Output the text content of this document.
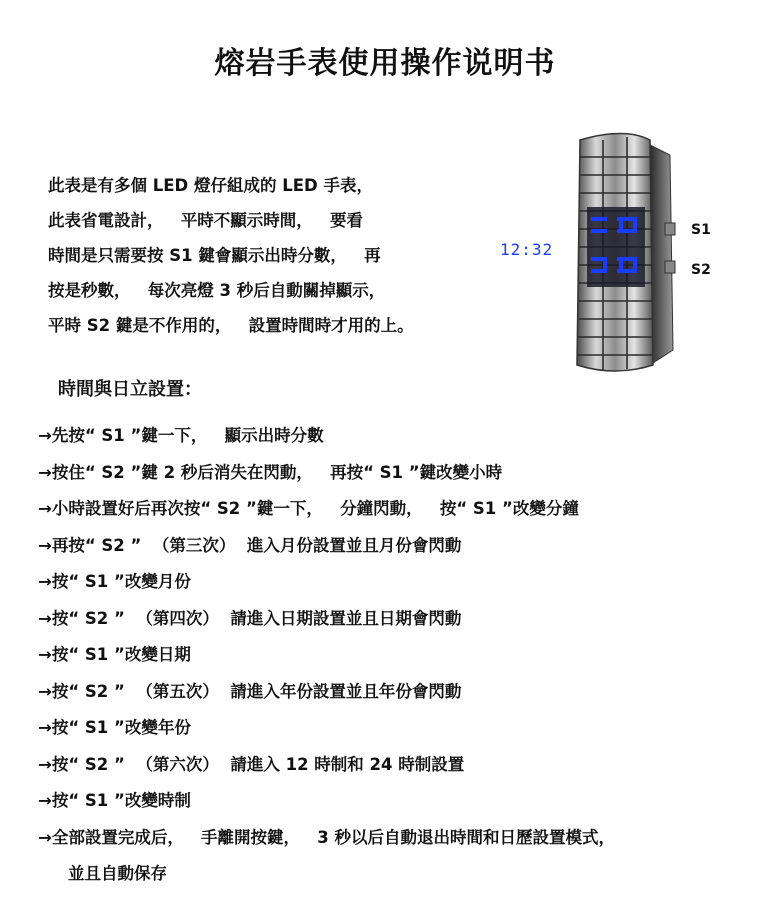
熔岩手表使用操作说明书
此表是有多個 LED 燈仔組成的 LED 手表，
此表省電設計，   平時不顯示時間，   要看
時間是只需要按 S1 鍵會顯示出時分數，   再
按是秒數，   每次亮燈 3 秒后自動關掉顯示，
平時 S2 鍵是不作用的，   設置時間時才用的上。
12:32
S1
S2
時間與日立設置：
→先按“ S1 ”鍵一下，   顯示出時分數
→按住“ S2 ”鍵 2 秒后消失在閃動，   再按“ S1 ”鍵改變小時
→小時設置好后再次按“ S2 ”鍵一下，   分鐘閃動，   按“ S1 ”改變分鐘
→再按“ S2 ”  （第三次）  進入月份設置並且月份會閃動
→按“ S1 ”改變月份
→按“ S2 ”  （第四次）  請進入日期設置並且日期會閃動
→按“ S1 ”改變日期
→按“ S2 ”  （第五次）  請進入年份設置並且年份會閃動
→按“ S1 ”改變年份
→按“ S2 ”  （第六次）  請進入 12 時制和 24 時制設置
→按“ S1 ”改變時制
→全部設置完成后，   手離開按鍵，   3 秒以后自動退出時間和日歷設置模式，
並且自動保存
